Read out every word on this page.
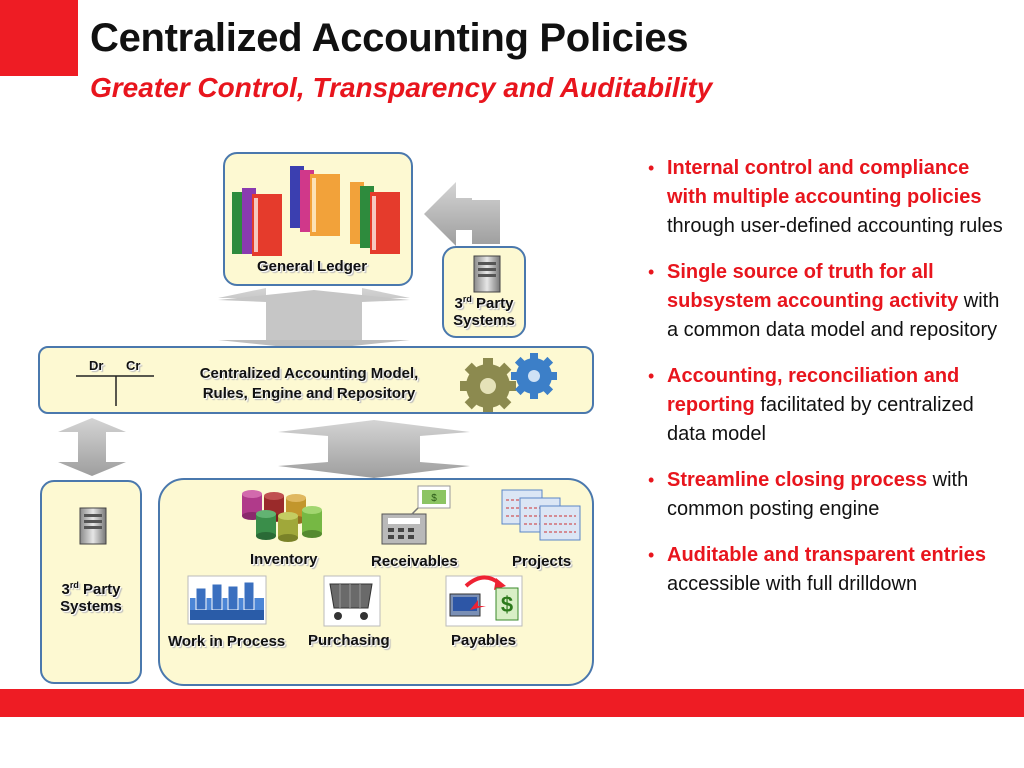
Centralized Accounting Policies
Greater Control, Transparency and Auditability
General Ledger
3rd Party
Systems
Dr Cr	Centralized Accounting Model,
Rules, Engine and Repository
3rd Party
Systems
Inventory
$
Receivables	Projects
Work in Process Purchasing
$
Payables
• Internal control and compliance with multiple accounting policies through user-defined accounting rules
• Single source of truth for all subsystem accounting activity with a common data model and repository
• Accounting, reconciliation and reporting facilitated by centralized data model
• Streamline closing process with common posting engine
• Auditable and transparent entries accessible with full drilldown
